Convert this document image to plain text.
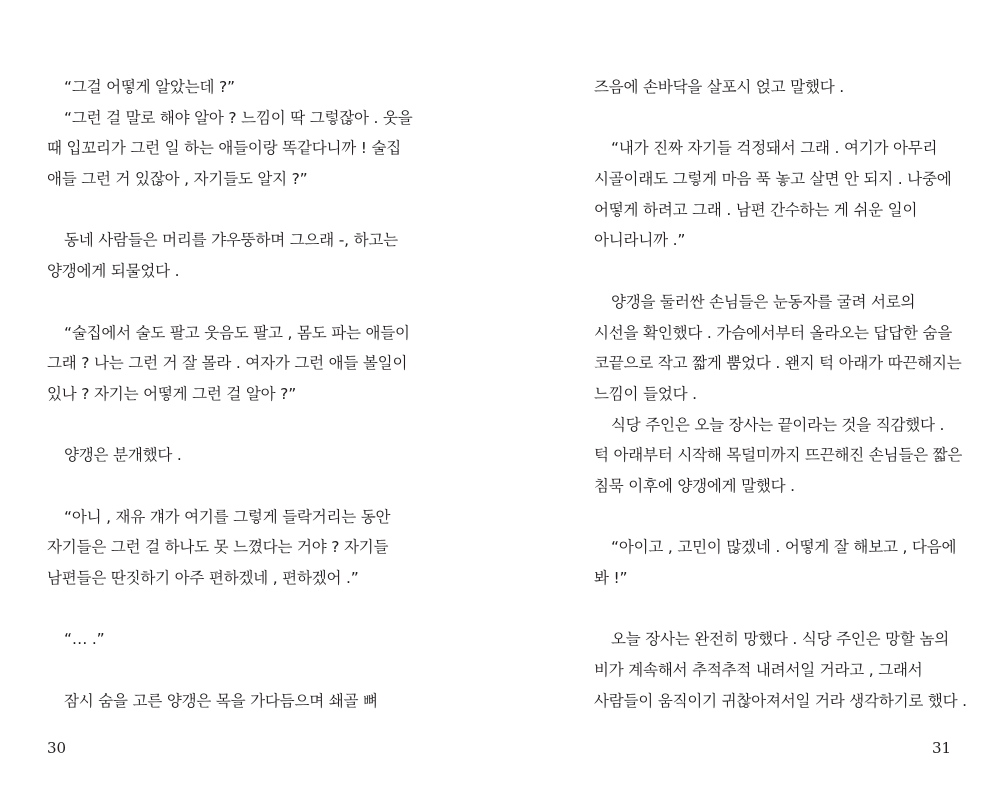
“그걸 어떻게 알았는데 ?”
“그런 걸 말로 해야 알아 ? 느낌이 딱 그렇잖아 . 웃을
때 입꼬리가 그런 일 하는 애들이랑 똑같다니까 ! 술집
애들 그런 거 있잖아 , 자기들도 알지 ?”
동네 사람들은 머리를 갸우뚱하며 그으래 -, 하고는
양갱에게 되물었다 .
“술집에서 술도 팔고 웃음도 팔고 , 몸도 파는 애들이
그래 ? 나는 그런 거 잘 몰라 . 여자가 그런 애들 볼일이
있나 ? 자기는 어떻게 그런 걸 알아 ?”
양갱은 분개했다 .
“아니 , 재유 걔가 여기를 그렇게 들락거리는 동안
자기들은 그런 걸 하나도 못 느꼈다는 거야 ? 자기들
남편들은 딴짓하기 아주 편하겠네 , 편하겠어 .”
“… .”
잠시 숨을 고른 양갱은 목을 가다듬으며 쇄골 뼈
30
즈음에 손바닥을 살포시 얹고 말했다 .
“내가 진짜 자기들 걱정돼서 그래 . 여기가 아무리
시골이래도 그렇게 마음 푹 놓고 살면 안 되지 . 나중에
어떻게 하려고 그래 . 남편 간수하는 게 쉬운 일이
아니라니까 .”
양갱을 둘러싼 손님들은 눈동자를 굴려 서로의
시선을 확인했다 . 가슴에서부터 올라오는 답답한 숨을
코끝으로 작고 짧게 뿜었다 . 왠지 턱 아래가 따끈해지는
느낌이 들었다 .
식당 주인은 오늘 장사는 끝이라는 것을 직감했다 .
턱 아래부터 시작해 목덜미까지 뜨끈해진 손님들은 짧은
침묵 이후에 양갱에게 말했다 .
“아이고 , 고민이 많겠네 . 어떻게 잘 해보고 , 다음에
봐 !”
오늘 장사는 완전히 망했다 . 식당 주인은 망할 놈의
비가 계속해서 추적추적 내려서일 거라고 , 그래서
사람들이 움직이기 귀찮아져서일 거라 생각하기로 했다 .
31
